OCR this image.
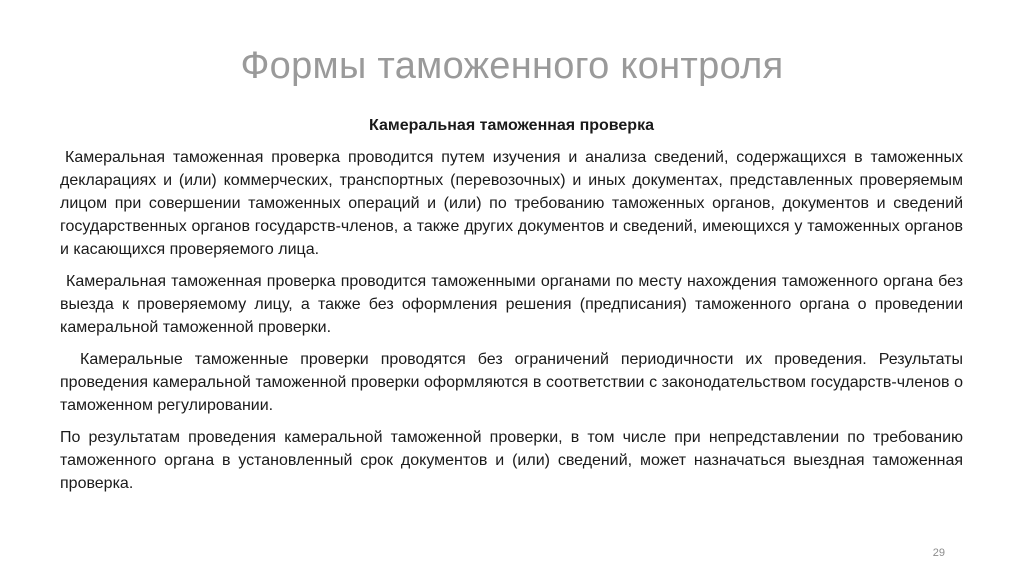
Формы таможенного контроля
Камеральная таможенная проверка

Камеральная таможенная проверка проводится путем изучения и анализа сведений, содержащихся в таможенных декларациях и (или) коммерческих, транспортных (перевозочных) и иных документах, представленных проверяемым лицом при совершении таможенных операций и (или) по требованию таможенных органов, документов и сведений государственных органов государств-членов, а также других документов и сведений, имеющихся у таможенных органов и касающихся проверяемого лица.

Камеральная таможенная проверка проводится таможенными органами по месту нахождения таможенного органа без выезда к проверяемому лицу, а также без оформления решения (предписания) таможенного органа о проведении камеральной таможенной проверки.

Камеральные таможенные проверки проводятся без ограничений периодичности их проведения. Результаты проведения камеральной таможенной проверки оформляются в соответствии с законодательством государств-членов о таможенном регулировании.

По результатам проведения камеральной таможенной проверки, в том числе при непредставлении по требованию таможенного органа в установленный срок документов и (или) сведений, может назначаться выездная таможенная проверка.

29
